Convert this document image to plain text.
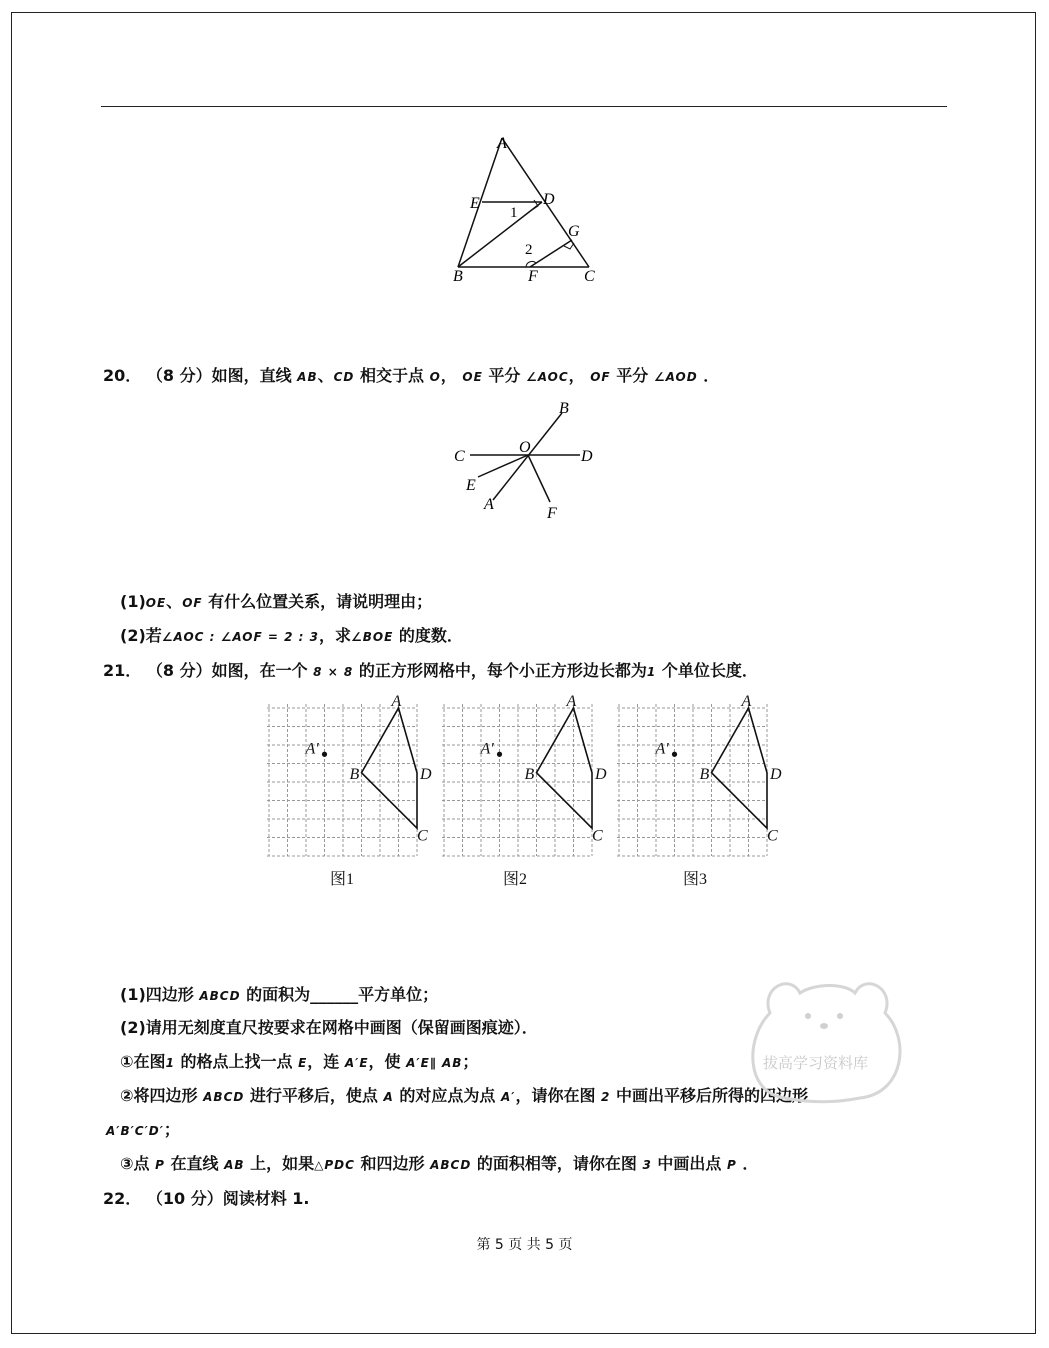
A
E	D
G
B	F	C
1
2
20． （8 分）如图，直线 AB、CD 相交于点 O， OE 平分 ∠AOC， OF 平分 ∠AOD ．
B
C	D
O
E
A
F
(1)OE、OF 有什么位置关系，请说明理由；
(2)若∠AOC : ∠AOF = 2 : 3，求∠BOE 的度数．
21． （8 分）如图，在一个 8 × 8 的正方形网格中，每个小正方形边长都为1 个单位长度．
A
B
C
D
A′
A
B
C
D
A′
A
B
C
D
A′
图1	图2	图3
(1)四边形 ABCD 的面积为______平方单位；
(2)请用无刻度直尺按要求在网格中画图（保留画图痕迹）．
①在图1 的格点上找一点 E，连 A′E，使 A′E∥ AB；
②将四边形 ABCD 进行平移后，使点 A 的对应点为点 A′，请你在图 2 中画出平移后所得的四边形
A′B′C′D′；
③点 P 在直线 AB 上，如果△PDC 和四边形 ABCD 的面积相等，请你在图 3 中画出点 P ．
22． （10 分）阅读材料 1.
第 5 页 共 5 页
拔高学习资料库
